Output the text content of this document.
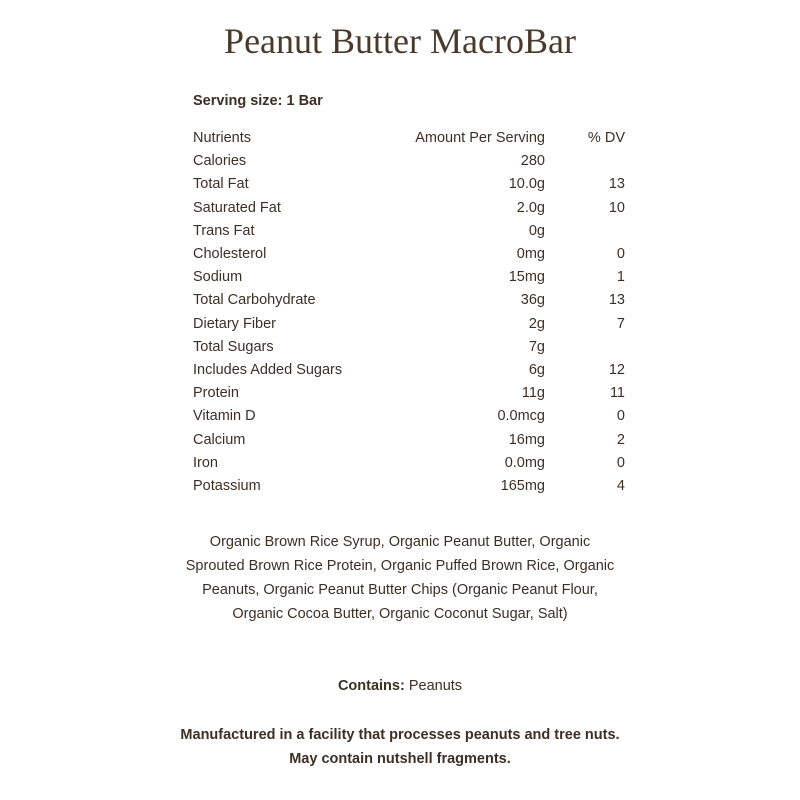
Peanut Butter MacroBar
Serving size: 1 Bar
Nutrients	Amount Per Serving	% DV
Calories	280	
Total Fat	10.0g	13
Saturated Fat	2.0g	10
Trans Fat	0g	
Cholesterol	0mg	0
Sodium	15mg	1
Total Carbohydrate	36g	13
Dietary Fiber	2g	7
Total Sugars	7g	
Includes Added Sugars	6g	12
Protein	11g	11
Vitamin D	0.0mcg	0
Calcium	16mg	2
Iron	0.0mg	0
Potassium	165mg	4

Organic Brown Rice Syrup, Organic Peanut Butter, Organic Sprouted Brown Rice Protein, Organic Puffed Brown Rice, Organic Peanuts, Organic Peanut Butter Chips (Organic Peanut Flour, Organic Cocoa Butter, Organic Coconut Sugar, Salt)

Contains: Peanuts

Manufactured in a facility that processes peanuts and tree nuts. May contain nutshell fragments.
